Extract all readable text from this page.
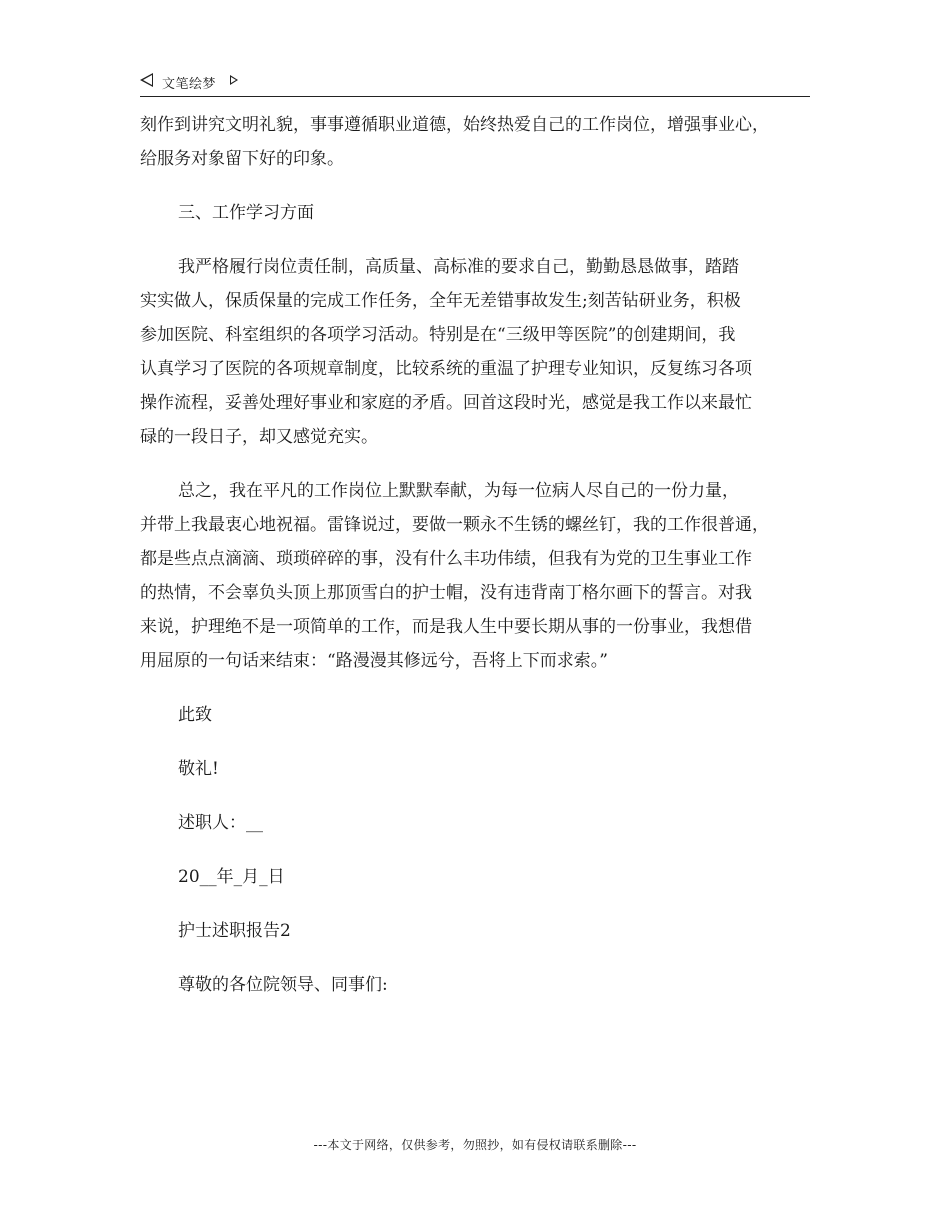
文笔绘梦
刻作到讲究文明礼貌，事事遵循职业道德，始终热爱自己的工作岗位，增强事业心，
给服务对象留下好的印象。
三、工作学习方面
我严格履行岗位责任制，高质量、高标准的要求自己，勤勤恳恳做事，踏踏
实实做人，保质保量的完成工作任务，全年无差错事故发生;刻苦钻研业务，积极
参加医院、科室组织的各项学习活动。特别是在“三级甲等医院”的创建期间，我
认真学习了医院的各项规章制度，比较系统的重温了护理专业知识，反复练习各项
操作流程，妥善处理好事业和家庭的矛盾。回首这段时光，感觉是我工作以来最忙
碌的一段日子，却又感觉充实。
总之，我在平凡的工作岗位上默默奉献，为每一位病人尽自己的一份力量，
并带上我最衷心地祝福。雷锋说过，要做一颗永不生锈的螺丝钉，我的工作很普通，
都是些点点滴滴、琐琐碎碎的事，没有什么丰功伟绩，但我有为党的卫生事业工作
的热情，不会辜负头顶上那顶雪白的护士帽，没有违背南丁格尔画下的誓言。对我
来说，护理绝不是一项简单的工作，而是我人生中要长期从事的一份事业，我想借
用屈原的一句话来结束：“路漫漫其修远兮，吾将上下而求索。”
此致
敬礼!
述职人：__
20__年_月_日
护士述职报告2
尊敬的各位院领导、同事们:
---本文于网络，仅供参考，勿照抄，如有侵权请联系删除---
